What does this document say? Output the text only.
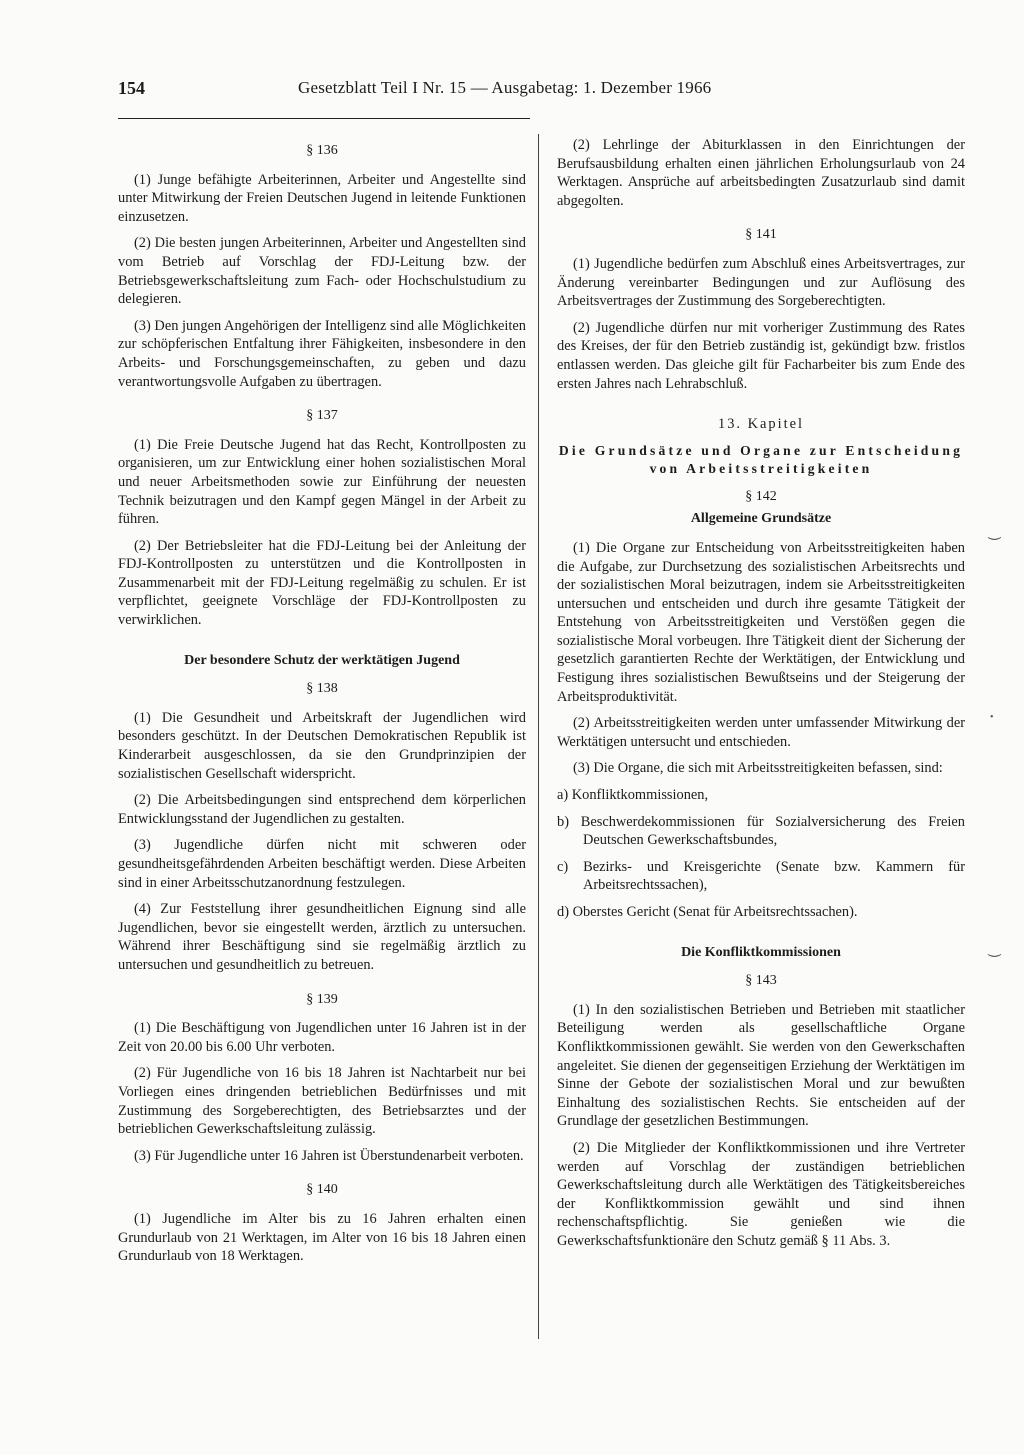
154	Gesetzblatt Teil I Nr. 15 — Ausgabetag: 1. Dezember 1966
§ 136

(1) Junge befähigte Arbeiterinnen, Arbeiter und Angestellte sind unter Mitwirkung der Freien Deutschen Jugend in leitende Funktionen einzusetzen.

(2) Die besten jungen Arbeiterinnen, Arbeiter und Angestellten sind vom Betrieb auf Vorschlag der FDJ-Leitung bzw. der Betriebsgewerkschaftsleitung zum Fach- oder Hochschulstudium zu delegieren.

(3) Den jungen Angehörigen der Intelligenz sind alle Möglichkeiten zur schöpferischen Entfaltung ihrer Fähigkeiten, insbesondere in den Arbeits- und Forschungsgemeinschaften, zu geben und dazu verantwortungsvolle Aufgaben zu übertragen.

§ 137

(1) Die Freie Deutsche Jugend hat das Recht, Kontrollposten zu organisieren, um zur Entwicklung einer hohen sozialistischen Moral und neuer Arbeitsmethoden sowie zur Einführung der neuesten Technik beizutragen und den Kampf gegen Mängel in der Arbeit zu führen.

(2) Der Betriebsleiter hat die FDJ-Leitung bei der Anleitung der FDJ-Kontrollposten zu unterstützen und die Kontrollposten in Zusammenarbeit mit der FDJ-Leitung regelmäßig zu schulen. Er ist verpflichtet, geeignete Vorschläge der FDJ-Kontrollposten zu verwirklichen.

Der besondere Schutz der werktätigen Jugend
§ 138

(1) Die Gesundheit und Arbeitskraft der Jugendlichen wird besonders geschützt. In der Deutschen Demokratischen Republik ist Kinderarbeit ausgeschlossen, da sie den Grundprinzipien der sozialistischen Gesellschaft widerspricht.

(2) Die Arbeitsbedingungen sind entsprechend dem körperlichen Entwicklungsstand der Jugendlichen zu gestalten.

(3) Jugendliche dürfen nicht mit schweren oder gesundheitsgefährdenden Arbeiten beschäftigt werden. Diese Arbeiten sind in einer Arbeitsschutzanordnung festzulegen.

(4) Zur Feststellung ihrer gesundheitlichen Eignung sind alle Jugendlichen, bevor sie eingestellt werden, ärztlich zu untersuchen. Während ihrer Beschäftigung sind sie regelmäßig ärztlich zu untersuchen und gesundheitlich zu betreuen.

§ 139

(1) Die Beschäftigung von Jugendlichen unter 16 Jahren ist in der Zeit von 20.00 bis 6.00 Uhr verboten.

(2) Für Jugendliche von 16 bis 18 Jahren ist Nachtarbeit nur bei Vorliegen eines dringenden betrieblichen Bedürfnisses und mit Zustimmung des Sorgeberechtigten, des Betriebsarztes und der betrieblichen Gewerkschaftsleitung zulässig.

(3) Für Jugendliche unter 16 Jahren ist Überstundenarbeit verboten.

§ 140

(1) Jugendliche im Alter bis zu 16 Jahren erhalten einen Grundurlaub von 21 Werktagen, im Alter von 16 bis 18 Jahren einen Grundurlaub von 18 Werktagen.

(2) Lehrlinge der Abiturklassen in den Einrichtungen der Berufsausbildung erhalten einen jährlichen Erholungsurlaub von 24 Werktagen. Ansprüche auf arbeitsbedingten Zusatzurlaub sind damit abgegolten.

§ 141

(1) Jugendliche bedürfen zum Abschluß eines Arbeitsvertrages, zur Änderung vereinbarter Bedingungen und zur Auflösung des Arbeitsvertrages der Zustimmung des Sorgeberechtigten.

(2) Jugendliche dürfen nur mit vorheriger Zustimmung des Rates des Kreises, der für den Betrieb zuständig ist, gekündigt bzw. fristlos entlassen werden. Das gleiche gilt für Facharbeiter bis zum Ende des ersten Jahres nach Lehrabschluß.

13. Kapitel
Die Grundsätze und Organe zur Entscheidung von Arbeitsstreitigkeiten
§ 142
Allgemeine Grundsätze

(1) Die Organe zur Entscheidung von Arbeitsstreitigkeiten haben die Aufgabe, zur Durchsetzung des sozialistischen Arbeitsrechts und der sozialistischen Moral beizutragen, indem sie Arbeitsstreitigkeiten untersuchen und entscheiden und durch ihre gesamte Tätigkeit der Entstehung von Arbeitsstreitigkeiten und Verstößen gegen die sozialistische Moral vorbeugen. Ihre Tätigkeit dient der Sicherung der gesetzlich garantierten Rechte der Werktätigen, der Entwicklung und Festigung ihres sozialistischen Bewußtseins und der Steigerung der Arbeitsproduktivität.

(2) Arbeitsstreitigkeiten werden unter umfassender Mitwirkung der Werktätigen untersucht und entschieden.

(3) Die Organe, die sich mit Arbeitsstreitigkeiten befassen, sind:

a) Konfliktkommissionen,
b) Beschwerdekommissionen für Sozialversicherung des Freien Deutschen Gewerkschaftsbundes,
c) Bezirks- und Kreisgerichte (Senate bzw. Kammern für Arbeitsrechtssachen),
d) Oberstes Gericht (Senat für Arbeitsrechtssachen).
Die Konfliktkommissionen
§ 143

(1) In den sozialistischen Betrieben und Betrieben mit staatlicher Beteiligung werden als gesellschaftliche Organe Konfliktkommissionen gewählt. Sie werden von den Gewerkschaften angeleitet. Sie dienen der gegenseitigen Erziehung der Werktätigen im Sinne der Gebote der sozialistischen Moral und zur bewußten Einhaltung des sozialistischen Rechts. Sie entscheiden auf der Grundlage der gesetzlichen Bestimmungen.

(2) Die Mitglieder der Konfliktkommissionen und ihre Vertreter werden auf Vorschlag der zuständigen betrieblichen Gewerkschaftsleitung durch alle Werktätigen des Tätigkeitsbereiches der Konfliktkommission gewählt und sind ihnen rechenschaftspflichtig. Sie genießen wie die Gewerkschaftsfunktionäre den Schutz gemäß § 11 Abs. 3.

⏝
•
⏝
